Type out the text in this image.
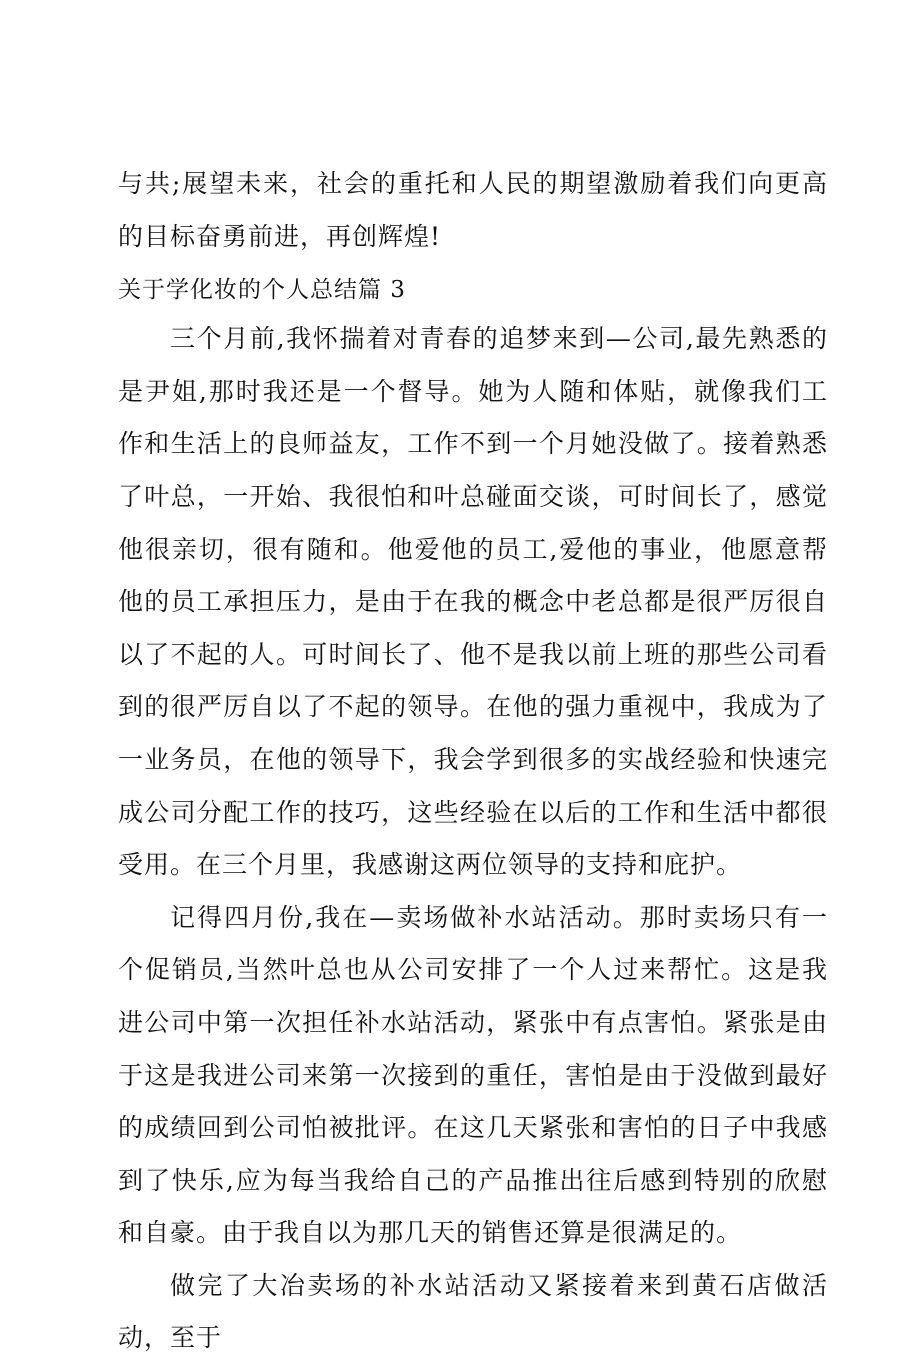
与共;展望未来，社会的重托和人民的期望激励着我们向更高的目标奋勇前进，再创辉煌!

关于学化妆的个人总结篇 3

三个月前,我怀揣着对青春的追梦来到—公司,最先熟悉的是尹姐,那时我还是一个督导。她为人随和体贴，就像我们工作和生活上的良师益友，工作不到一个月她没做了。接着熟悉了叶总，一开始、我很怕和叶总碰面交谈，可时间长了，感觉他很亲切，很有随和。他爱他的员工,爱他的事业，他愿意帮他的员工承担压力，是由于在我的概念中老总都是很严厉很自以了不起的人。可时间长了、他不是我以前上班的那些公司看到的很严厉自以了不起的领导。在他的强力重视中，我成为了一业务员，在他的领导下，我会学到很多的实战经验和快速完成公司分配工作的技巧，这些经验在以后的工作和生活中都很受用。在三个月里，我感谢这两位领导的支持和庇护。

记得四月份,我在—卖场做补水站活动。那时卖场只有一个促销员,当然叶总也从公司安排了一个人过来帮忙。这是我进公司中第一次担任补水站活动，紧张中有点害怕。紧张是由于这是我进公司来第一次接到的重任，害怕是由于没做到最好的成绩回到公司怕被批评。在这几天紧张和害怕的日子中我感到了快乐,应为每当我给自己的产品推出往后感到特别的欣慰和自豪。由于我自以为那几天的销售还算是很满足的。

做完了大冶卖场的补水站活动又紧接着来到黄石店做活动，至于
